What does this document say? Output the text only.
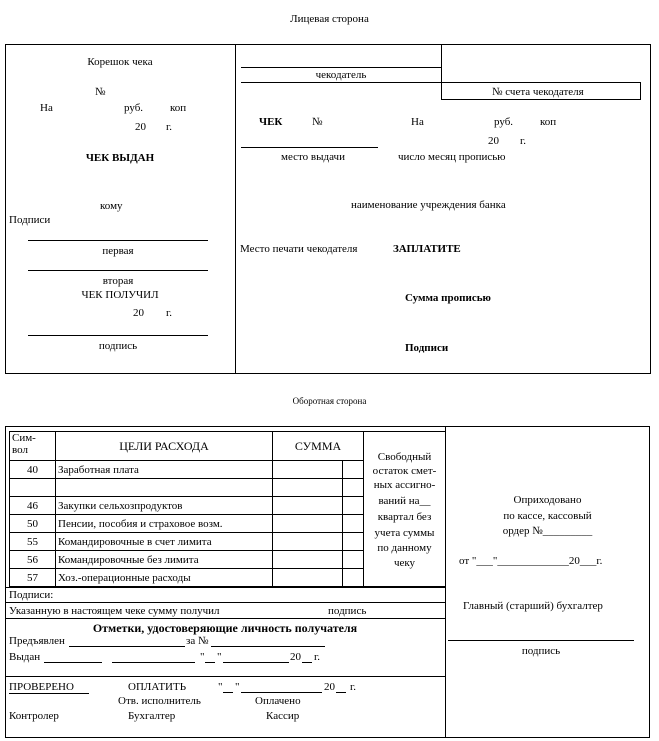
Лицевая сторона
Корешок чека
№
На	руб. коп
20 г.
ЧЕК ВЫДАН
кому
Подписи
первая
вторая
ЧЕК ПОЛУЧИЛ
20 г.
подпись
чекодатель
№ счета чекодателя
ЧЕК	№	На	руб. коп
20 г.
место выдачи	число месяц прописью
наименование учреждения банка
Место печати чекодателя	ЗАПЛАТИТЕ
Сумма прописью
Подписи
Оборотная сторона
Сим-
вол	ЦЕЛИ РАСХОДА	СУММА	
40	Заработная плата		

46	Закупки сельхозпродуктов		
50	Пенсии, пособия и страховое возм.		
55	Командировочные в счет лимита		
56	Командировочные без лимита		
57	Хоз.-операционные расходы		
Свободный
остаток смет-
ных ассигно-
ваний на__
квартал без
учета суммы
по данному
чеку
Подписи:
Указанную в настоящем чеке сумму получил	подпись
Отметки, удостоверяющие личность получателя
Предъявлен	за №
Выдан	" "	20 г.
ПРОВЕРЕНО	ОПЛАТИТЬ	" "	20 г.
Отв. исполнитель	Оплачено
Контролер	Бухгалтер	Кассир
Оприходовано
по кассе, кассовый
ордер №_________
от "___"_____________20___г.
Главный (старший) бухгалтер
подпись
